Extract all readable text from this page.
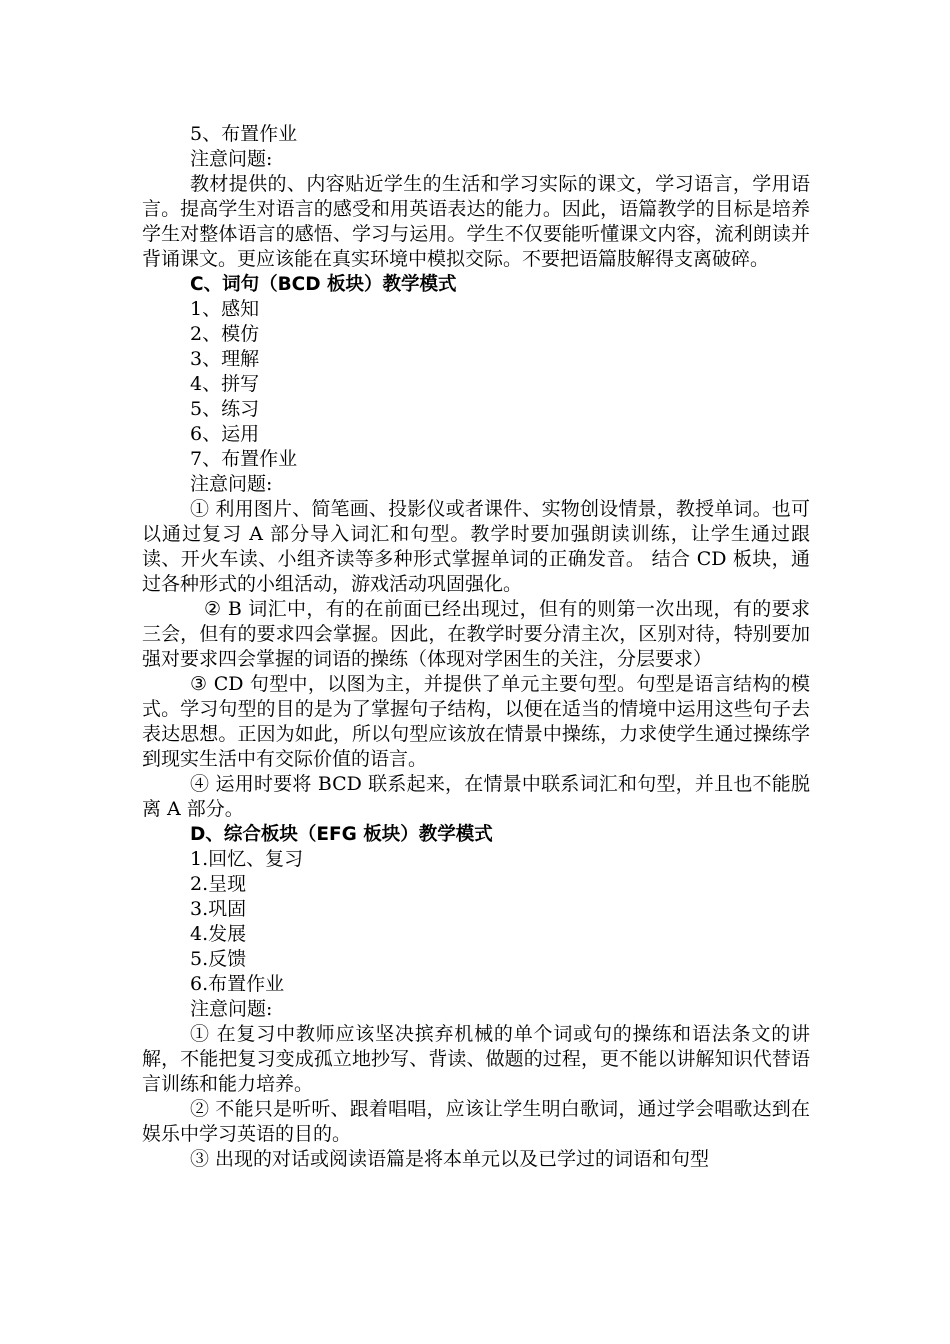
5、布置作业

注意问题:

教材提供的、内容贴近学生的生活和学习实际的课文，学习语言，学用语言。提高学生对语言的感受和用英语表达的能力。因此，语篇教学的目标是培养学生对整体语言的感悟、学习与运用。学生不仅要能听懂课文内容，流利朗读并背诵课文。更应该能在真实环境中模拟交际。不要把语篇肢解得支离破碎。

C、词句（BCD 板块）教学模式

1、感知

2、模仿

3、理解

4、拼写

5、练习

6、运用

7、布置作业

注意问题:

① 利用图片、简笔画、投影仪或者课件、实物创设情景，教授单词。也可以通过复习 A 部分导入词汇和句型。教学时要加强朗读训练，让学生通过跟读、开火车读、小组齐读等多种形式掌握单词的正确发音。 结合 CD 板块，通过各种形式的小组活动，游戏活动巩固强化。

② B 词汇中，有的在前面已经出现过，但有的则第一次出现，有的要求三会，但有的要求四会掌握。因此，在教学时要分清主次，区别对待，特别要加强对要求四会掌握的词语的操练（体现对学困生的关注，分层要求）

③ CD 句型中，以图为主，并提供了单元主要句型。句型是语言结构的模式。学习句型的目的是为了掌握句子结构，以便在适当的情境中运用这些句子去表达思想。正因为如此，所以句型应该放在情景中操练，力求使学生通过操练学到现实生活中有交际价值的语言。

④ 运用时要将 BCD 联系起来，在情景中联系词汇和句型，并且也不能脱离 A 部分。

D、综合板块（EFG 板块）教学模式

1.回忆、复习

2.呈现

3.巩固

4.发展

5.反馈

6.布置作业

注意问题:

① 在复习中教师应该坚决摈弃机械的单个词或句的操练和语法条文的讲解，不能把复习变成孤立地抄写、背读、做题的过程，更不能以讲解知识代替语言训练和能力培养。

② 不能只是听听、跟着唱唱，应该让学生明白歌词，通过学会唱歌达到在娱乐中学习英语的目的。

③ 出现的对话或阅读语篇是将本单元以及已学过的词语和句型
